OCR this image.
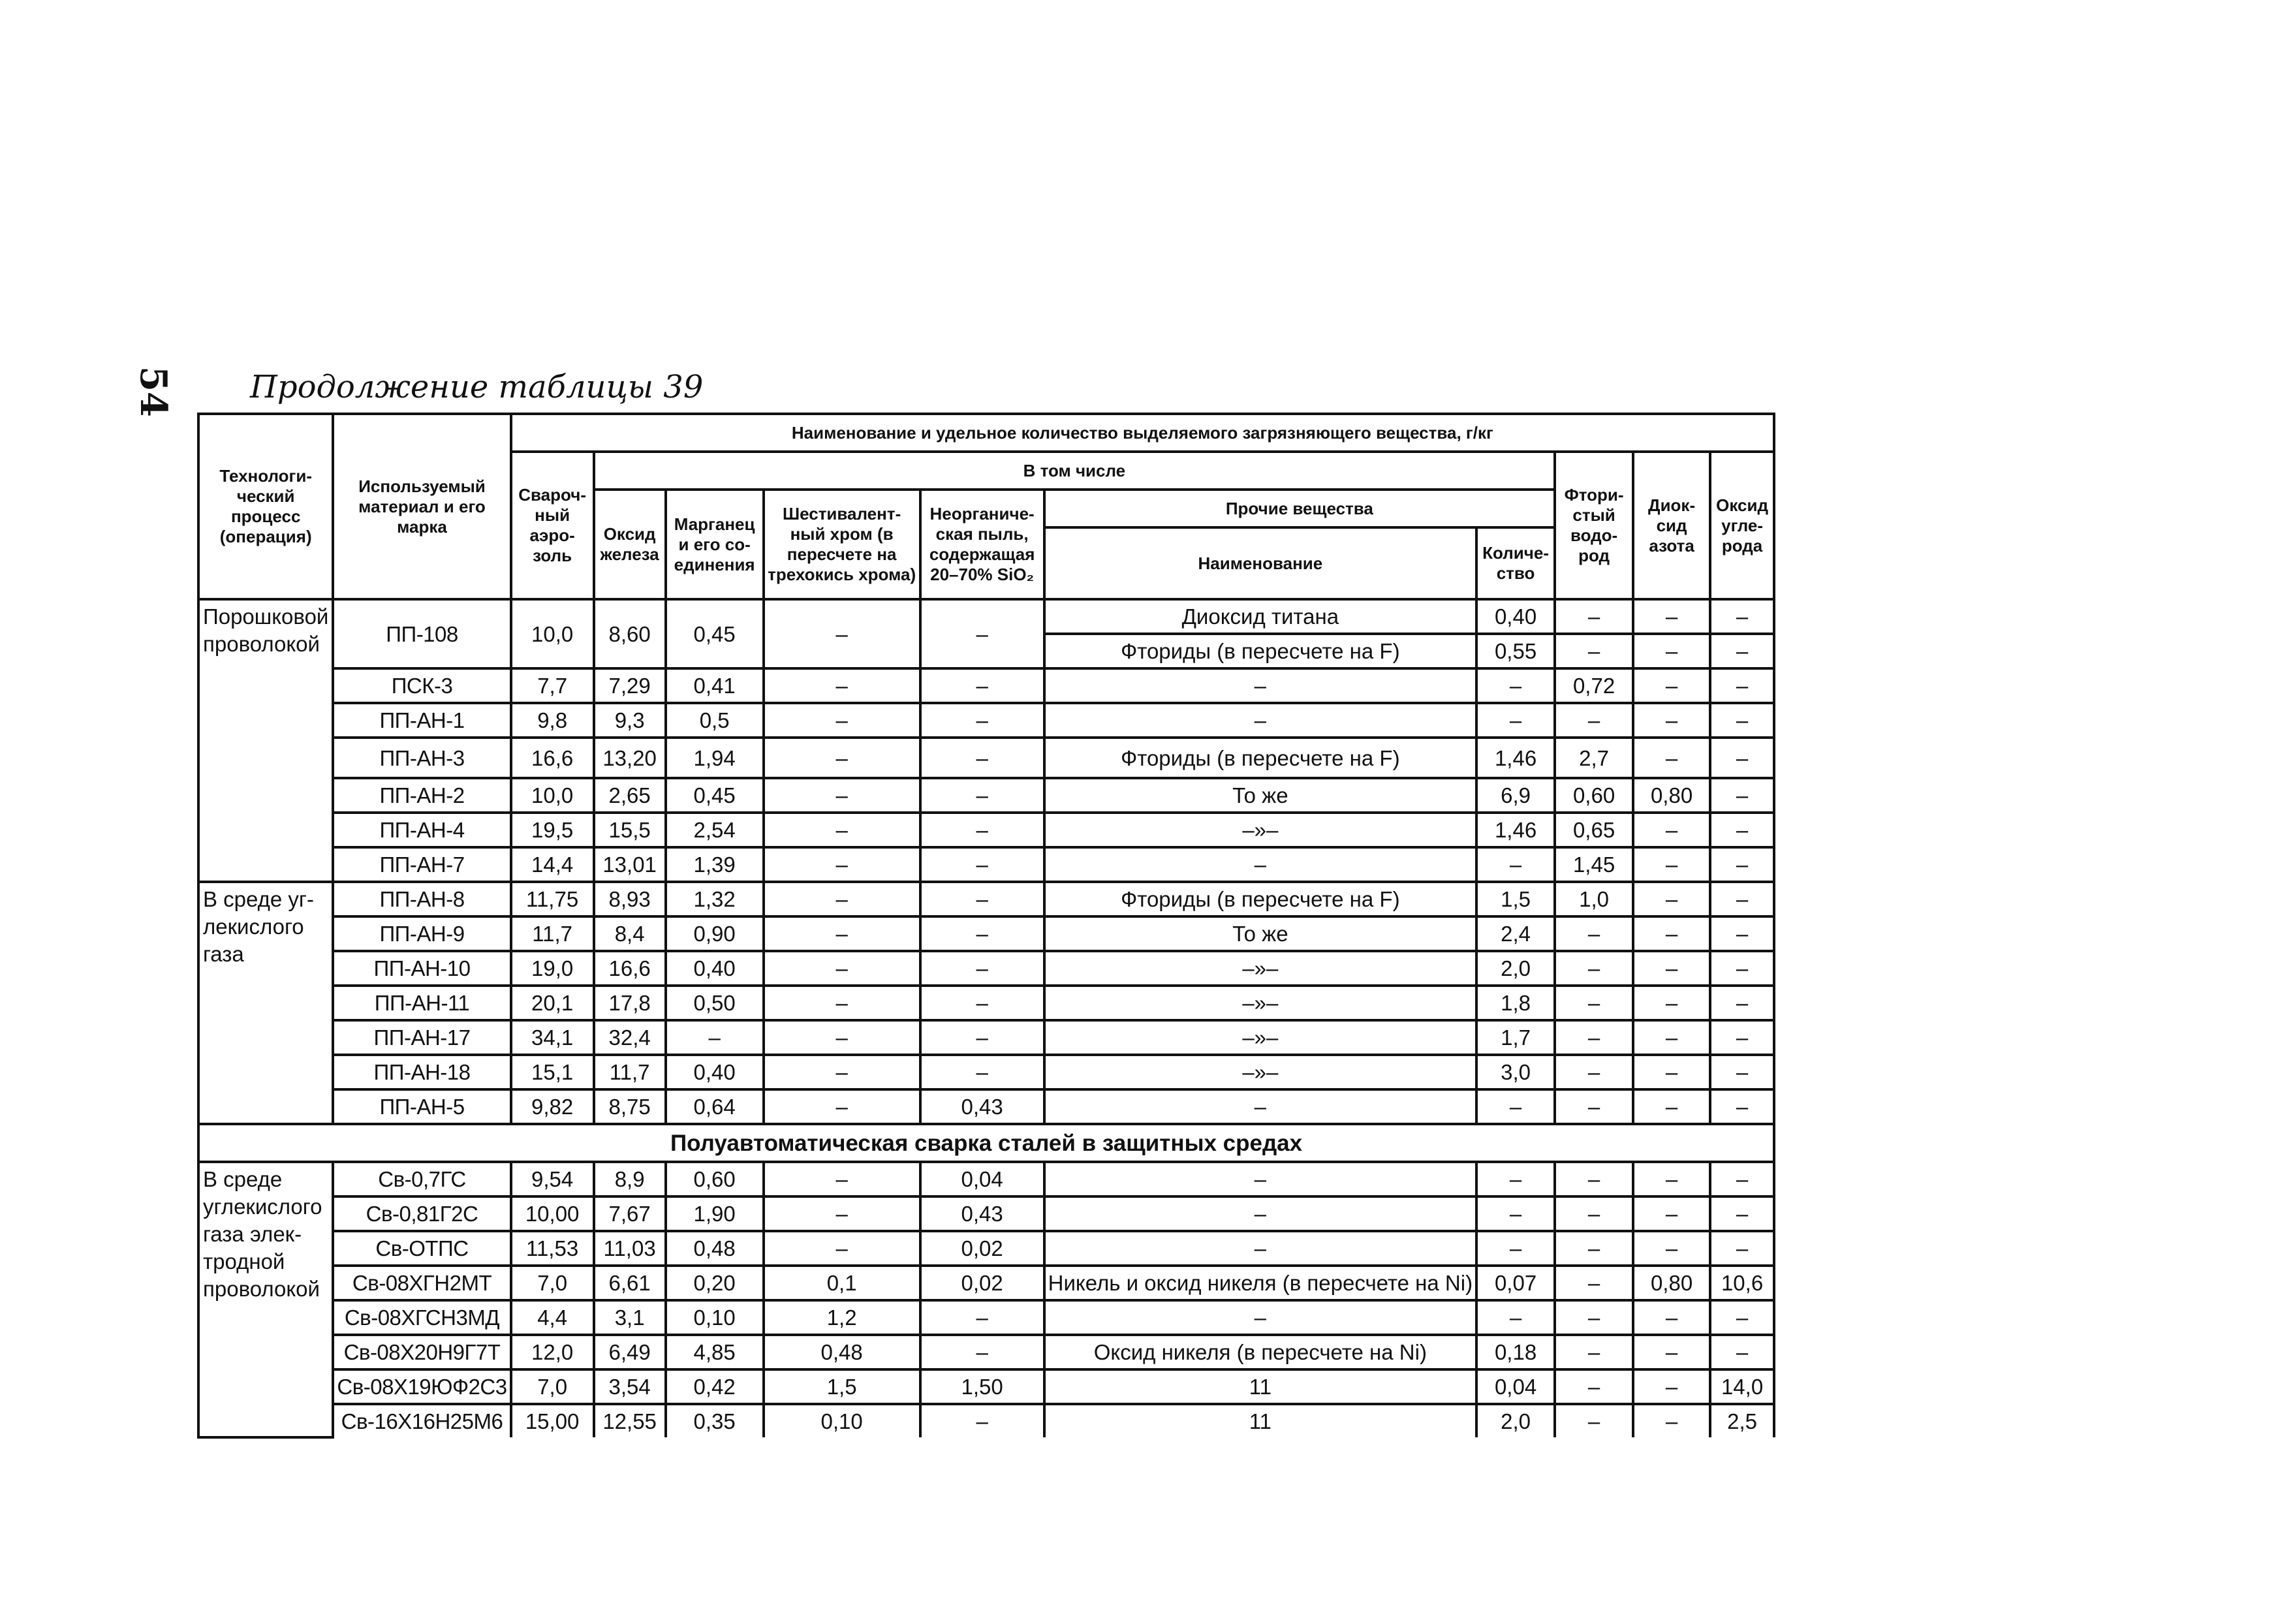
54 Продолжение таблицы 39
Технологи-ческий процесс (операция)	Используемый материал и его марка	Наименование и удельное количество выделяемого загрязняющего вещества, г/кг									
		Свароч-ный аэро-золь	В том числе						Фтори-стый водо-род	Диок-сид азота	Оксид угле-рода
			Оксид железа	Марганец и его со-единения	Шестивалент-ный хром (в пересчете на трехокись хрома)	Неорганиче-ская пыль, содержащая 20–70% SiO₂	Прочие вещества				
							Наименование	Количе-ство			
Порошковой проволокой	ПП-108	10,0	8,60	0,45	–	–	Диоксид титана	0,40	–	–	–
							Фториды (в пересчете на F)	0,55	–	–	–
	ПСК-3	7,7	7,29	0,41	–	–	–	–	0,72	–	–
	ПП-АН-1	9,8	9,3	0,5	–	–	–	–	–	–	–
	ПП-АН-3	16,6	13,20	1,94	–	–	Фториды (в пересчете на F)	1,46	2,7	–	–
	ПП-АН-2	10,0	2,65	0,45	–	–	То же	6,9	0,60	0,80	–
	ПП-АН-4	19,5	15,5	2,54	–	–	–»–	1,46	0,65	–	–
	ПП-АН-7	14,4	13,01	1,39	–	–	–	–	1,45	–	–
В среде уг-лекислого газа	ПП-АН-8	11,75	8,93	1,32	–	–	Фториды (в пересчете на F)	1,5	1,0	–	–
	ПП-АН-9	11,7	8,4	0,90	–	–	То же	2,4	–	–	–
	ПП-АН-10	19,0	16,6	0,40	–	–	–»–	2,0	–	–	–
	ПП-АН-11	20,1	17,8	0,50	–	–	–»–	1,8	–	–	–
	ПП-АН-17	34,1	32,4	–	–	–	–»–	1,7	–	–	–
	ПП-АН-18	15,1	11,7	0,40	–	–	–»–	3,0	–	–	–
	ПП-АН-5	9,82	8,75	0,64	–	0,43	–	–	–	–	–
Полуавтоматическая сварка сталей в защитных средах											
В среде углекислого газа элек-тродной проволокой	Св-0,7ГС	9,54	8,9	0,60	–	0,04	–	–	–	–	–
	Св-0,81Г2С	10,00	7,67	1,90	–	0,43	–	–	–	–	–
	Св-ОТПС	11,53	11,03	0,48	–	0,02	–	–	–	–	–
	Св-08ХГН2МТ	7,0	6,61	0,20	0,1	0,02	Никель и оксид никеля (в пересчете на Ni)	0,07	–	0,80	10,6
	Св-08ХГСН3МД	4,4	3,1	0,10	1,2	–	–	–	–	–	–
	Св-08Х20Н9Г7Т	12,0	6,49	4,85	0,48	–	Оксид никеля (в пересчете на Ni)	0,18	–	–	–
	Св-08Х19ЮФ2С3	7,0	3,54	0,42	1,5	1,50	11	0,04	–	–	14,0
	Св-16Х16Н25М6	15,00	12,55	0,35	0,10	–	11	2,0	–	–	2,5
